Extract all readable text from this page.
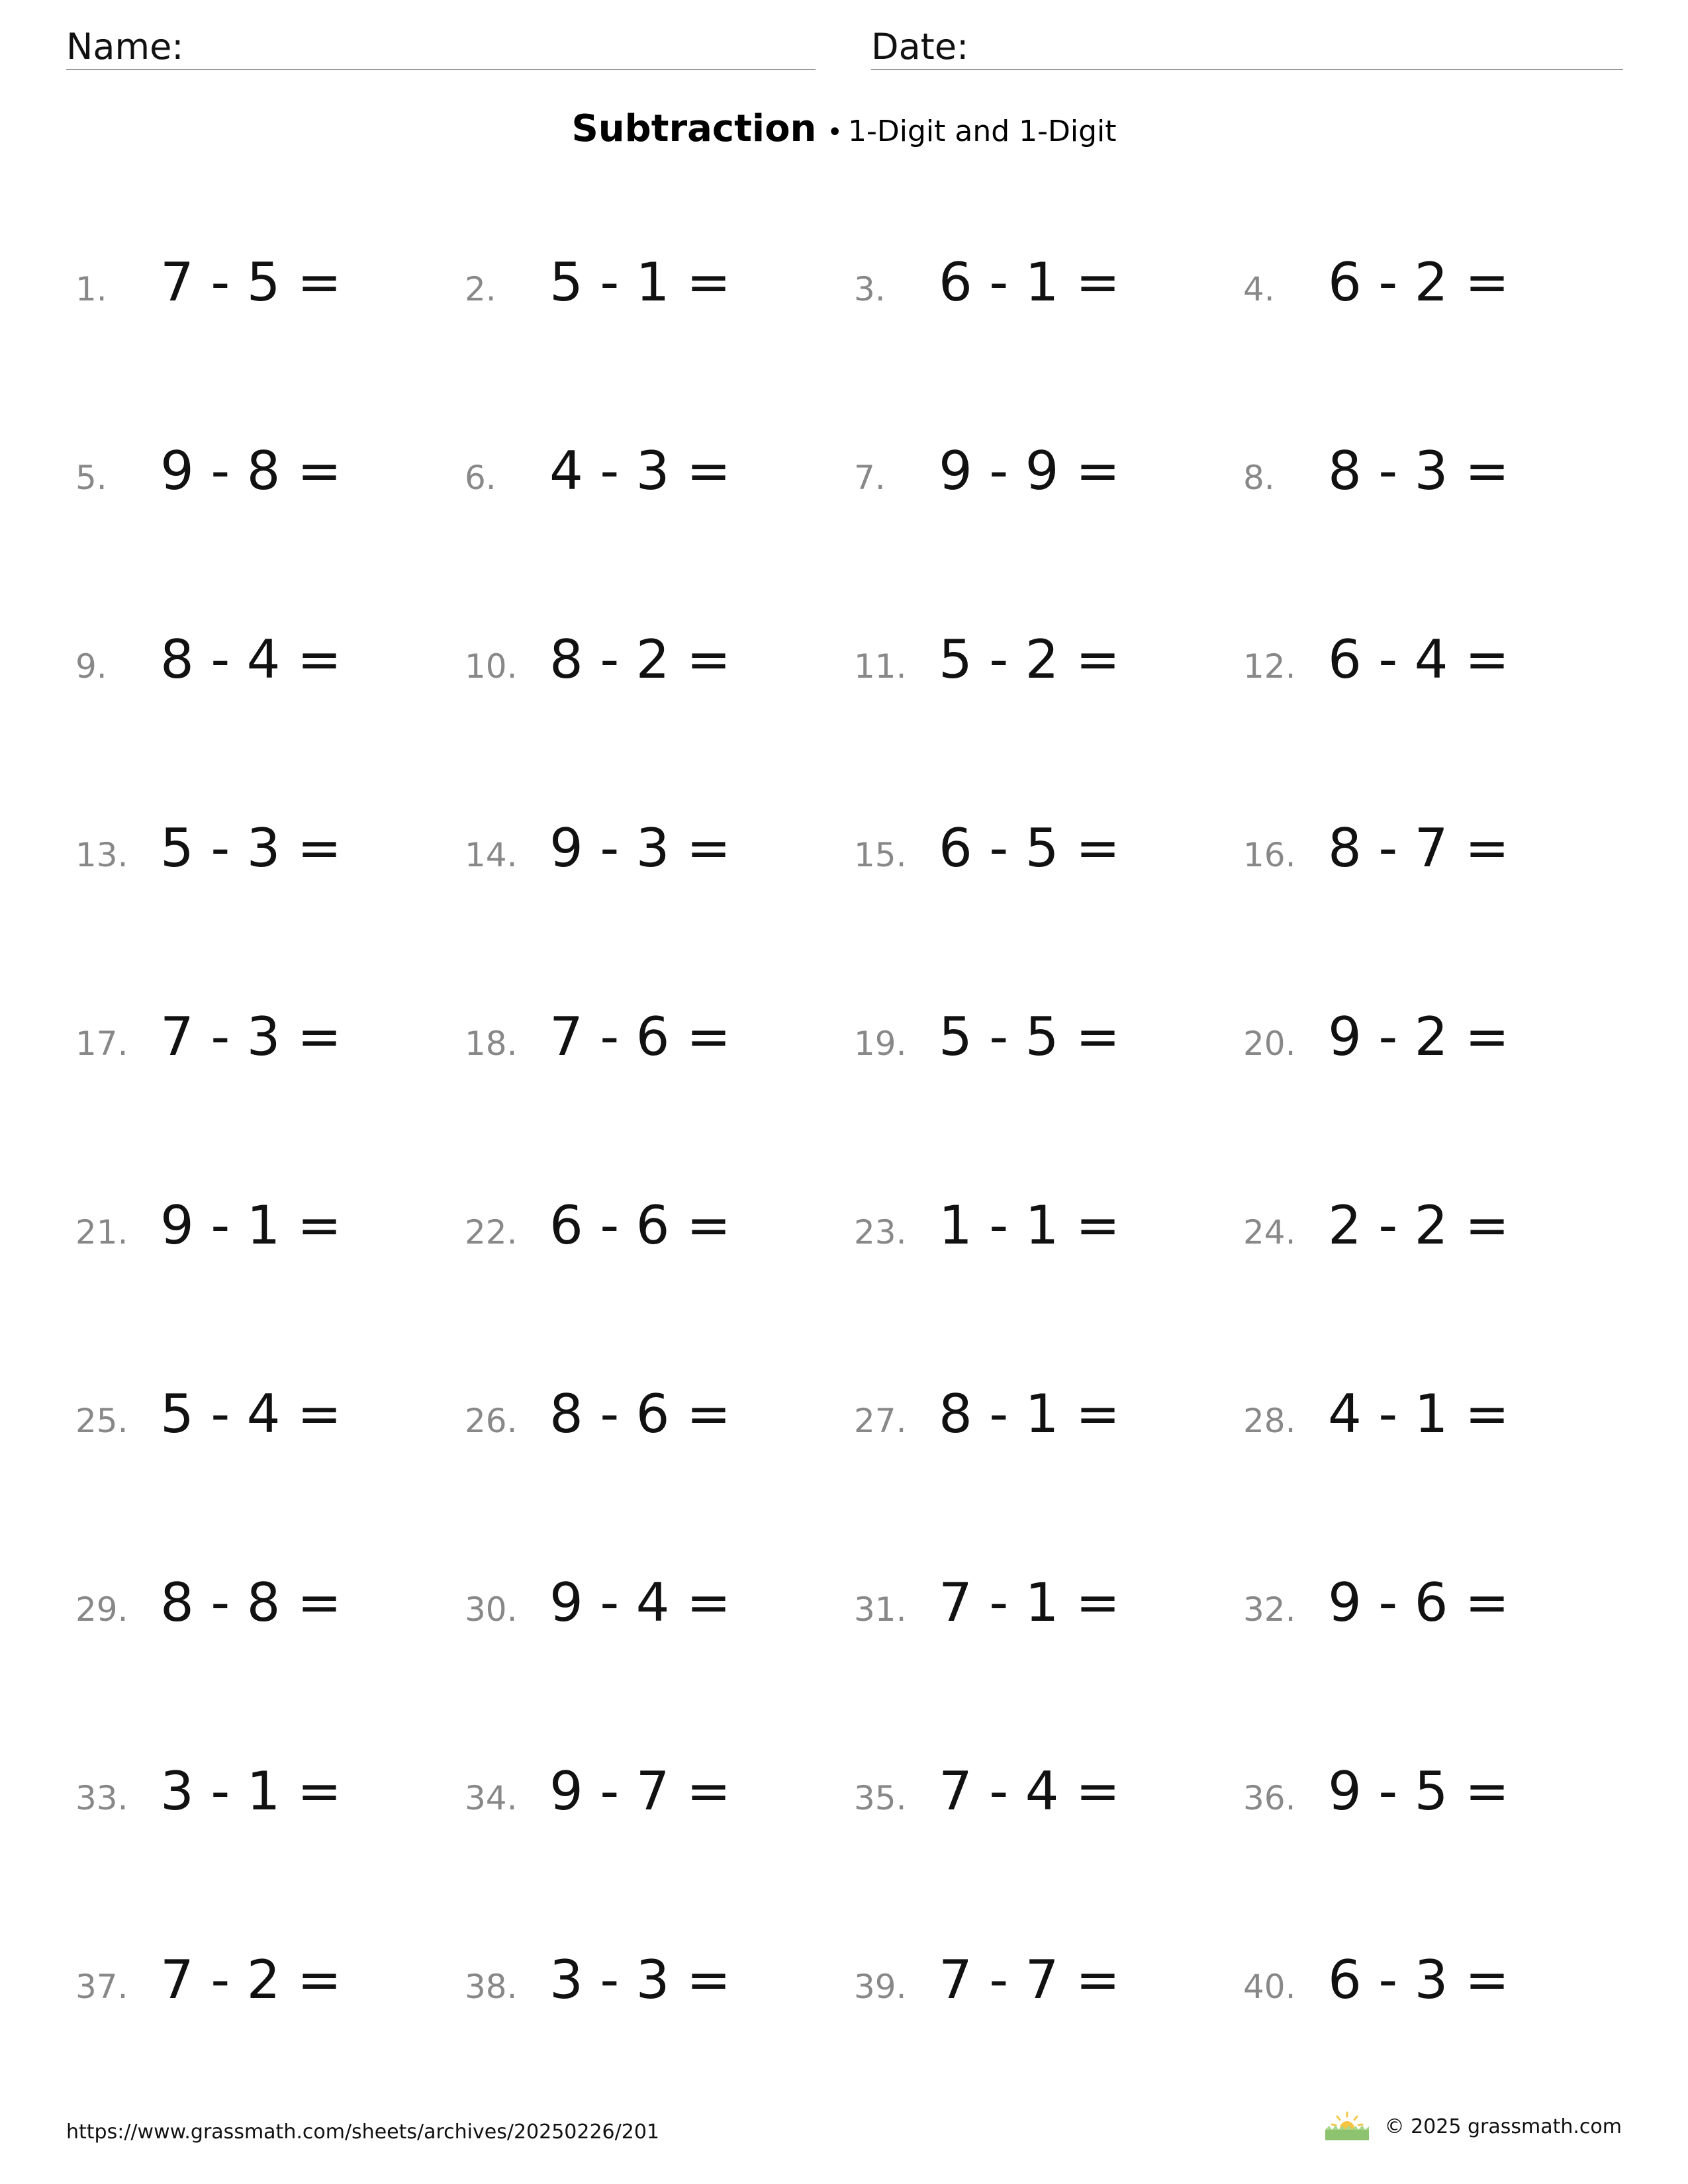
Name:	Date:
Subtraction • 1-Digit and 1-Digit
1.	7 - 5 =	2.	5 - 1 =	3.	6 - 1 =	4.	6 - 2 =
5.	9 - 8 =	6.	4 - 3 =	7.	9 - 9 =	8.	8 - 3 =
9.	8 - 4 =	10. 8 - 2 =	11. 5 - 2 =	12. 6 - 4 =
13. 5 - 3 =	14. 9 - 3 =	15. 6 - 5 =	16. 8 - 7 =
17. 7 - 3 =	18. 7 - 6 =	19. 5 - 5 =	20. 9 - 2 =
21. 9 - 1 =	22. 6 - 6 =	23. 1 - 1 =	24. 2 - 2 =
25. 5 - 4 =	26. 8 - 6 =	27. 8 - 1 =	28. 4 - 1 =
29. 8 - 8 =	30. 9 - 4 =	31. 7 - 1 =	32. 9 - 6 =
33. 3 - 1 =	34. 9 - 7 =	35. 7 - 4 =	36. 9 - 5 =
37. 7 - 2 =	38. 3 - 3 =	39. 7 - 7 =	40. 6 - 3 =
https://www.grassmath.com/sheets/archives/20250226/201	© 2025 grassmath.com
